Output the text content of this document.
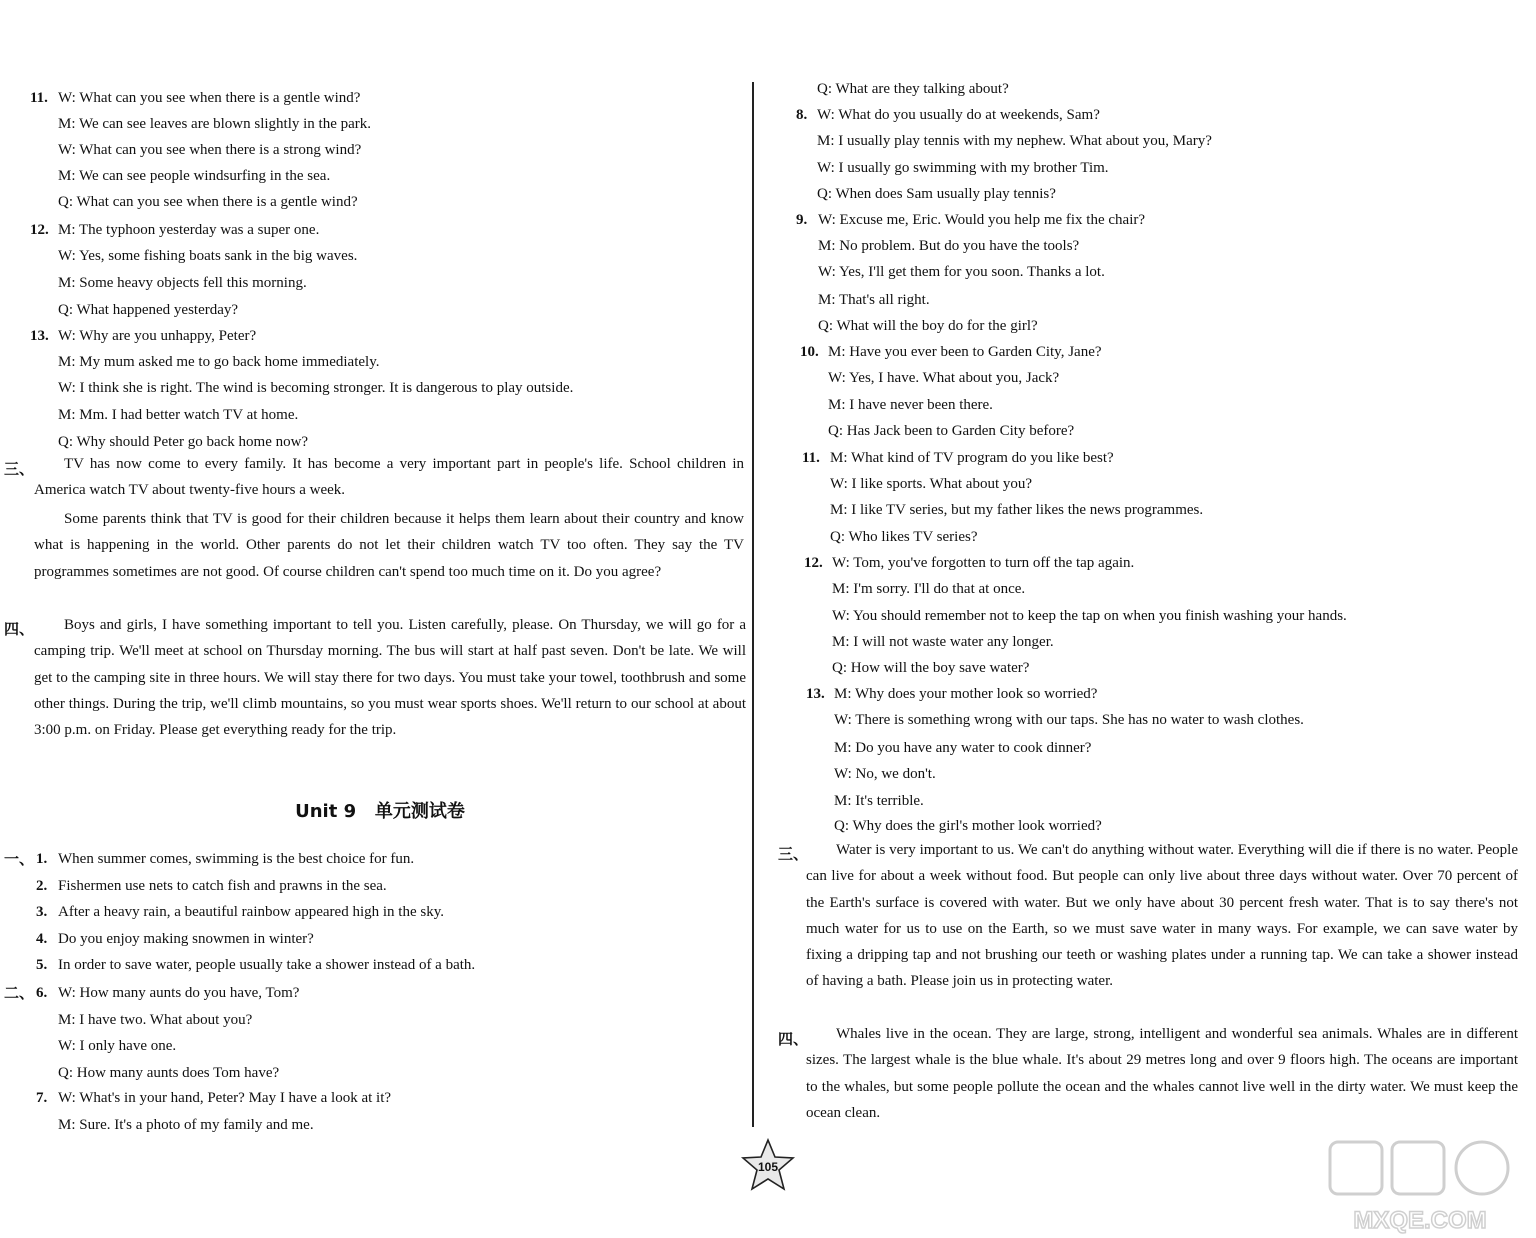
11. W: What can you see when there is a gentle wind?
M: We can see leaves are blown slightly in the park.
W: What can you see when there is a strong wind?
M: We can see people windsurfing in the sea.
Q: What can you see when there is a gentle wind?
12. M: The typhoon yesterday was a super one.
W: Yes, some fishing boats sank in the big waves.
M: Some heavy objects fell this morning.
Q: What happened yesterday?
13. W: Why are you unhappy, Peter?
M: My mum asked me to go back home immediately.
W: I think she is right. The wind is becoming stronger. It is dangerous to play outside.
M: Mm. I had better watch TV at home.
Q: Why should Peter go back home now?
三、	TV has now come to every family. It has become a very important part in people's life. School children in America watch TV about twenty-five hours a week.
Some parents think that TV is good for their children because it helps them learn about their country and know what is happening in the world. Other parents do not let their children watch TV too often. They say the TV programmes sometimes are not good. Of course children can't spend too much time on it. Do you agree?
四、	Boys and girls, I have something important to tell you. Listen carefully, please. On Thursday, we will go for a camping trip. We'll meet at school on Thursday morning. The bus will start at half past seven. Don't be late. We will get to the camping site in three hours. We will stay there for two days. You must take your towel, toothbrush and some other things. During the trip, we'll climb mountains, so you must wear sports shoes. We'll return to our school at about 3:00 p.m. on Friday. Please get everything ready for the trip.
Unit 9   单元测试卷
一、 1. When summer comes, swimming is the best choice for fun.
2. Fishermen use nets to catch fish and prawns in the sea.
3. After a heavy rain, a beautiful rainbow appeared high in the sky.
4. Do you enjoy making snowmen in winter?
5. In order to save water, people usually take a shower instead of a bath.
二、 6. W: How many aunts do you have, Tom?
M: I have two. What about you?
W: I only have one.
Q: How many aunts does Tom have?
7. W: What's in your hand, Peter? May I have a look at it?
M: Sure. It's a photo of my family and me.
Q: What are they talking about?
8. W: What do you usually do at weekends, Sam?
M: I usually play tennis with my nephew. What about you, Mary?
W: I usually go swimming with my brother Tim.
Q: When does Sam usually play tennis?
9. W: Excuse me, Eric. Would you help me fix the chair?
M: No problem. But do you have the tools?
W: Yes, I'll get them for you soon. Thanks a lot.
M: That's all right.
Q: What will the boy do for the girl?
10. M: Have you ever been to Garden City, Jane?
W: Yes, I have. What about you, Jack?
M: I have never been there.
Q: Has Jack been to Garden City before?
11. M: What kind of TV program do you like best?
W: I like sports. What about you?
M: I like TV series, but my father likes the news programmes.
Q: Who likes TV series?
12. W: Tom, you've forgotten to turn off the tap again.
M: I'm sorry. I'll do that at once.
W: You should remember not to keep the tap on when you finish washing your hands.
M: I will not waste water any longer.
Q: How will the boy save water?
13. M: Why does your mother look so worried?
W: There is something wrong with our taps. She has no water to wash clothes.
M: Do you have any water to cook dinner?
W: No, we don't.
M: It's terrible.
Q: Why does the girl's mother look worried?
三、	Water is very important to us. We can't do anything without water. Everything will die if there is no water. People can live for about a week without food. But people can only live about three days without water. Over 70 percent of the Earth's surface is covered with water. But we only have about 30 percent fresh water. That is to say there's not much water for us to use on the Earth, so we must save water in many ways. For example, we can save water by fixing a dripping tap and not brushing our teeth or washing plates under a running tap. We can take a shower instead of having a bath. Please join us in protecting water.
四、	Whales live in the ocean. They are large, strong, intelligent and wonderful sea animals. Whales are in different sizes. The largest whale is the blue whale. It's about 29 metres long and over 9 floors high. The oceans are important to the whales, but some people pollute the ocean and the whales cannot live well in the dirty water. We must keep the ocean clean.
105
MXQE.COM
